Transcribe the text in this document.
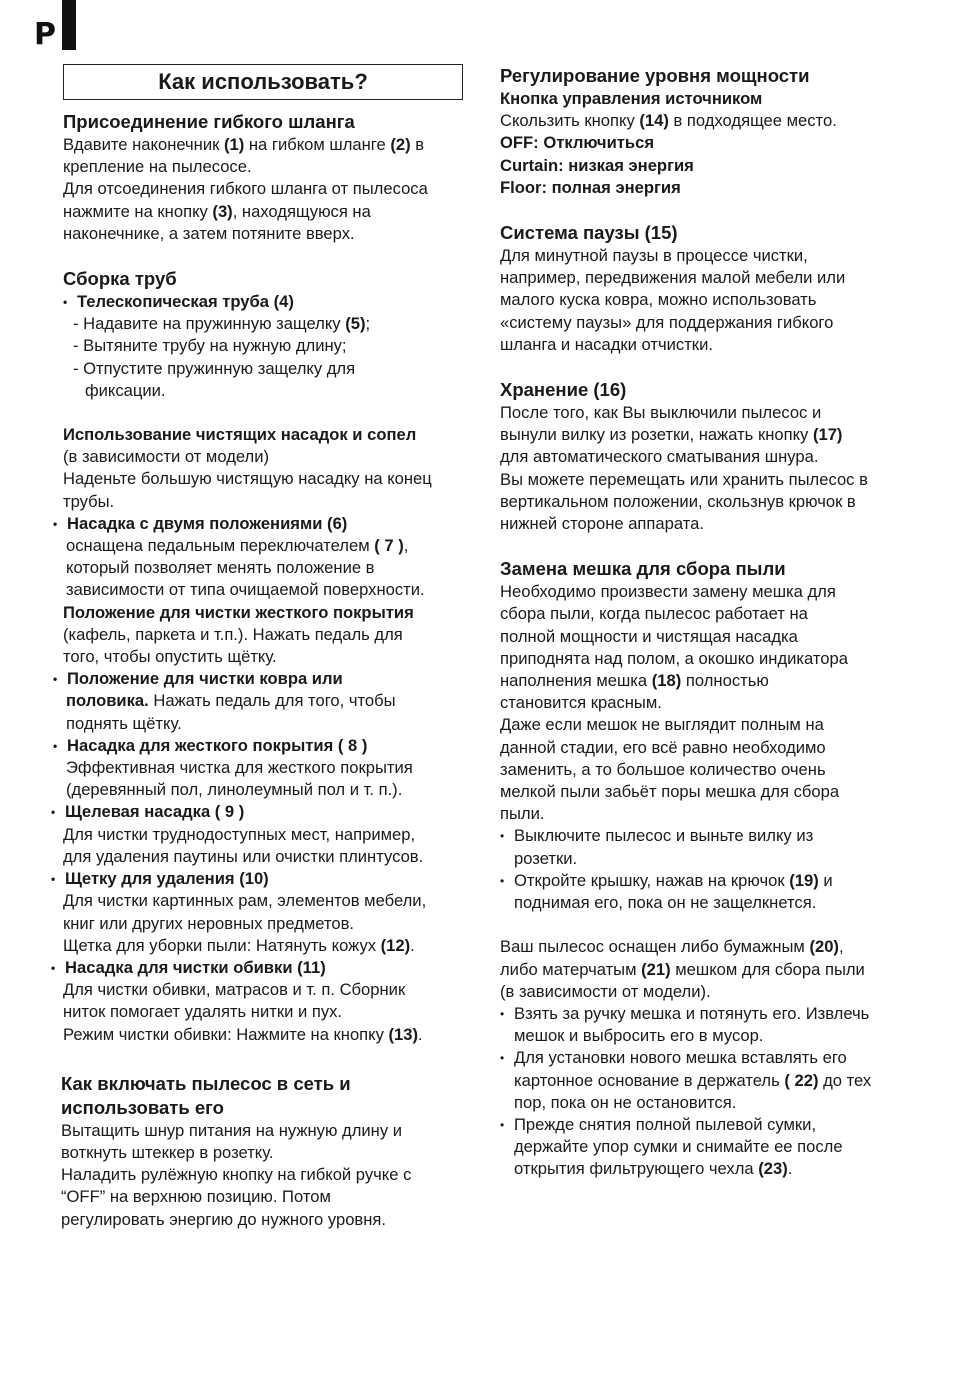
P
Как использовать?
Присоединение гибкого шланга

Вдавите наконечник (1) на гибком шланге (2) в

крепление на пылесосе.

Для отсоединения гибкого шланга от пылесоса

нажмите на кнопку (3), находящуюся на

наконечнике, а затем потяните вверх.

Сборка труб

• Телескопическая труба (4)

- Надавите на пружинную защелку (5);

- Вытяните трубу на нужную длину;

- Отпустите пружинную защелку для

фиксации.

Использование чистящих насадок и сопел

(в зависимости от модели)

Наденьте большую чистящую насадку на конец

трубы.

• Насадка с двумя положениями (6)

оснащена педальным переключателем ( 7 ),

который позволяет менять положение в

зависимости от типа очищаемой поверхности.

Положение для чистки жесткого покрытия

(кафель, паркета и т.п.). Нажать педаль для

того, чтобы опустить щётку.

• Положение для чистки ковра или

половика. Нажать педаль для того, чтобы

поднять щётку.

• Насадка для жесткого покрытия ( 8 )

Эффективная чистка для жесткого покрытия

(деревянный пол, линолеумный пол и т. п.).

• Щелевая насадка ( 9 )

Для чистки труднодоступных мест, например,

для удаления паутины или очистки плинтусов.

• Щетку для удаления (10)

Для чистки картинных рам, элементов мебели,

книг или других неровных предметов.

Щетка для уборки пыли: Натянуть кожух (12).

• Насадка для чистки обивки (11)

Для чистки обивки, матрасов и т. п. Сборник

ниток помогает удалять нитки и пух.

Режим чистки обивки: Нажмите на кнопку (13).

Как включать пылесос в сеть и
использовать его

Вытащить шнур питания на нужную длину и

воткнуть штеккер в розетку.

Наладить рулёжную кнопку на гибкой ручке с

“OFF” на верхнюю позицию. Потом

регулировать энергию до нужного уровня.

Регулирование уровня мощности

Кнопка управления источником

Скользить кнопку (14) в подходящее место.

OFF: Отключиться

Curtain: низкая энергия

Floor: полная энергия

Система паузы (15)

Для минутной паузы в процессе чистки,

например, передвижения малой мебели или

малого куска ковра, можно использовать

«систему паузы» для поддержания гибкого

шланга и насадки отчистки.

Хранение (16)

После того, как Вы выключили пылесос и

вынули вилку из розетки, нажать кнопку (17)

для автоматического сматывания шнура.

Вы можете перемещать или хранить пылесос в

вертикальном положении, скользнув крючок в

нижней стороне аппарата.

Замена мешка для сбора пыли

Необходимо произвести замену мешка для

сбора пыли, когда пылесос работает на

полной мощности и чистящая насадка

приподнята над полом, а окошко индикатора

наполнения мешка (18) полностью

становится красным.

Даже если мешок не выглядит полным на

данной стадии, его всё равно необходимо

заменить, а то большое количество очень

мелкой пыли забьёт поры мешка для сбора

пыли.

• Выключите пылесос и выньте вилку из

розетки.

• Откройте крышку, нажав на крючок (19) и

поднимая его, пока он не защелкнется.

Ваш пылесос оснащен либо бумажным (20),

либо матерчатым (21) мешком для сбора пыли

(в зависимости от модели).

• Взять за ручку мешка и потянуть его. Извлечь

мешок и выбросить его в мусор.

• Для установки нового мешка вставлять его

картонное основание в держатель ( 22) до тех

пор, пока он не остановится.

• Прежде снятия полной пылевой сумки,

держайте упор сумки и снимайте ее после

открытия фильтрующего чехла (23).
